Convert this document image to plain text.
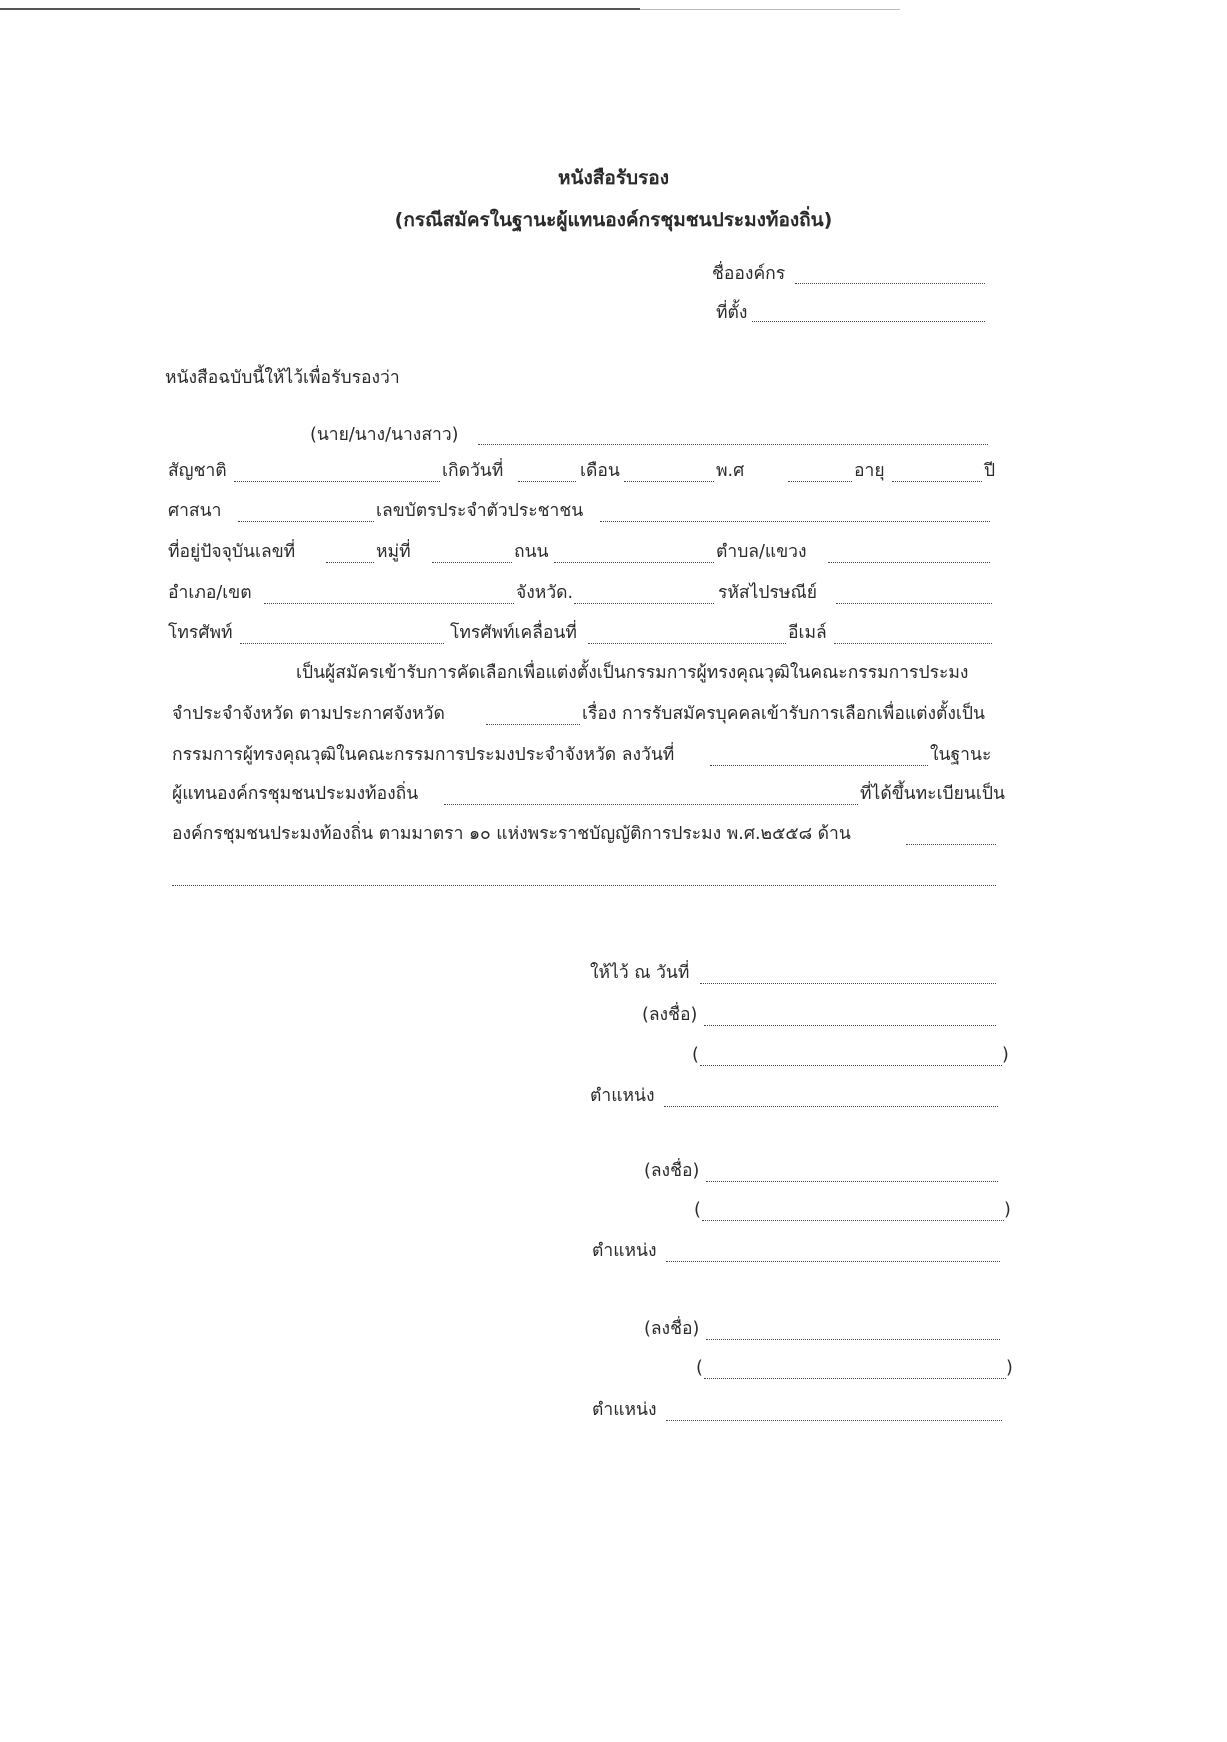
หนังสือรับรอง
(กรณีสมัครในฐานะผู้แทนองค์กรชุมชนประมงท้องถิ่น)
ชื่อองค์กร
ที่ตั้ง
หนังสือฉบับนี้ให้ไว้เพื่อรับรองว่า
(นาย/นาง/นางสาว)
สัญชาติ	เกิดวันที่	เดือน	พ.ศ	อายุ	ปี
ศาสนา	เลขบัตรประจำตัวประชาชน
ที่อยู่ปัจจุบันเลขที่	หมู่ที่	ถนน	ตำบล/แขวง
อำเภอ/เขต	จังหวัด.	รหัสไปรษณีย์
โทรศัพท์	โทรศัพท์เคลื่อนที่	อีเมล์
เป็นผู้สมัครเข้ารับการคัดเลือกเพื่อแต่งตั้งเป็นกรรมการผู้ทรงคุณวุฒิในคณะกรรมการประมง
จำประจำจังหวัด ตามประกาศจังหวัด	เรื่อง การรับสมัครบุคคลเข้ารับการเลือกเพื่อแต่งตั้งเป็น
กรรมการผู้ทรงคุณวุฒิในคณะกรรมการประมงประจำจังหวัด ลงวันที่	ในฐานะ
ผู้แทนองค์กรชุมชนประมงท้องถิ่น	ที่ได้ขึ้นทะเบียนเป็น
องค์กรชุมชนประมงท้องถิ่น ตามมาตรา ๑๐ แห่งพระราชบัญญัติการประมง พ.ศ.๒๕๕๘ ด้าน
ให้ไว้ ณ วันที่
(ลงชื่อ)
(	)
ตำแหน่ง
(ลงชื่อ)
(	)
ตำแหน่ง
(ลงชื่อ)
(	)
ตำแหน่ง
